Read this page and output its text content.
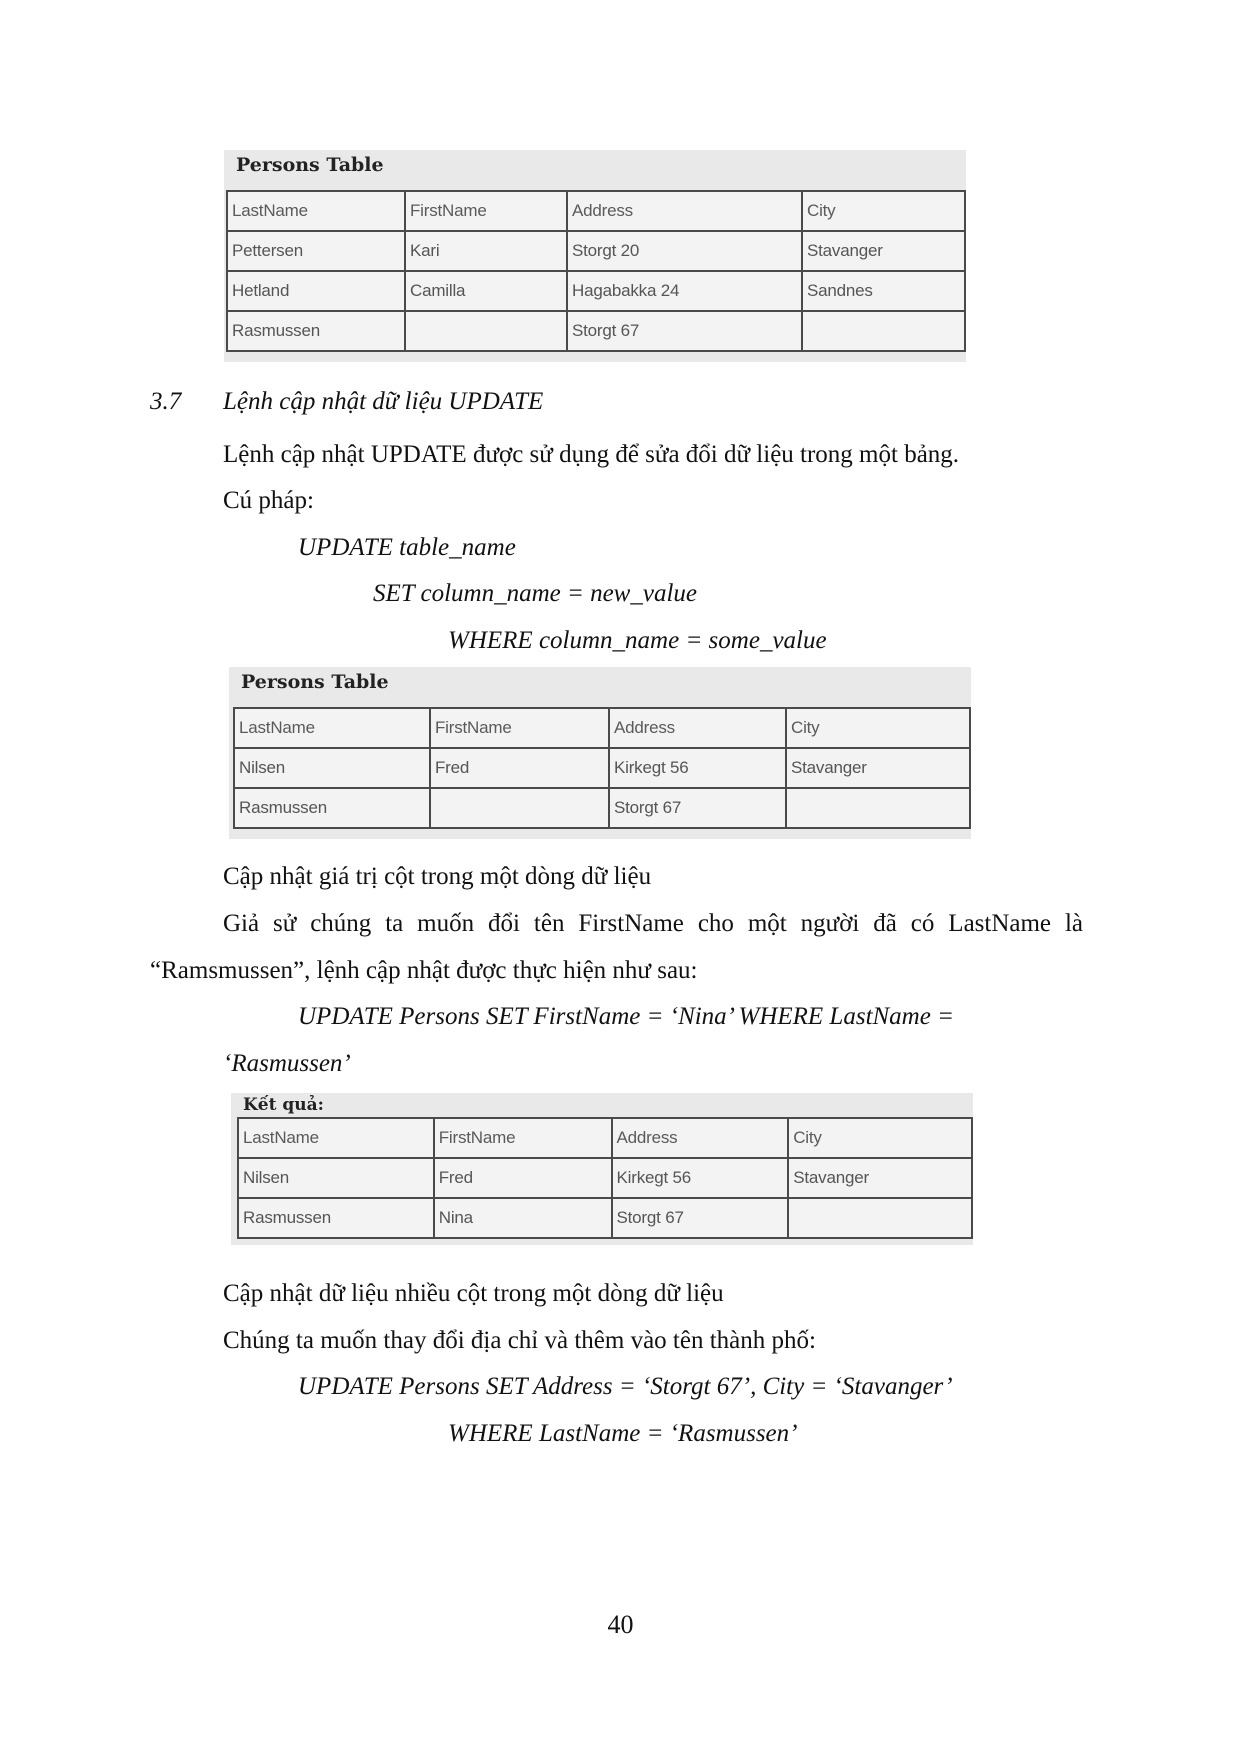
Persons Table
LastName	FirstName	Address	City
Pettersen	Kari	Storgt 20	Stavanger
Hetland	Camilla	Hagabakka 24	Sandnes
Rasmussen		Storgt 67	
3.7 Lệnh cập nhật dữ liệu UPDATE
Lệnh cập nhật UPDATE được sử dụng để sửa đổi dữ liệu trong một bảng.
Cú pháp:
UPDATE table_name
SET column_name = new_value
WHERE column_name = some_value
Persons Table
LastName	FirstName	Address	City
Nilsen	Fred	Kirkegt 56	Stavanger
Rasmussen		Storgt 67	
Cập nhật giá trị cột trong một dòng dữ liệu
Giả sử chúng ta muốn đổi tên FirstName cho một người đã có LastName là
“Ramsmussen”, lệnh cập nhật được thực hiện như sau:
UPDATE Persons SET FirstName = ‘Nina’ WHERE LastName =
‘Rasmussen’
Kết quả:
LastName	FirstName	Address	City
Nilsen	Fred	Kirkegt 56	Stavanger
Rasmussen	Nina	Storgt 67	
Cập nhật dữ liệu nhiều cột trong một dòng dữ liệu
Chúng ta muốn thay đổi địa chỉ và thêm vào tên thành phố:
UPDATE Persons SET Address = ‘Storgt 67’, City = ‘Stavanger’
WHERE LastName = ‘Rasmussen’
40
